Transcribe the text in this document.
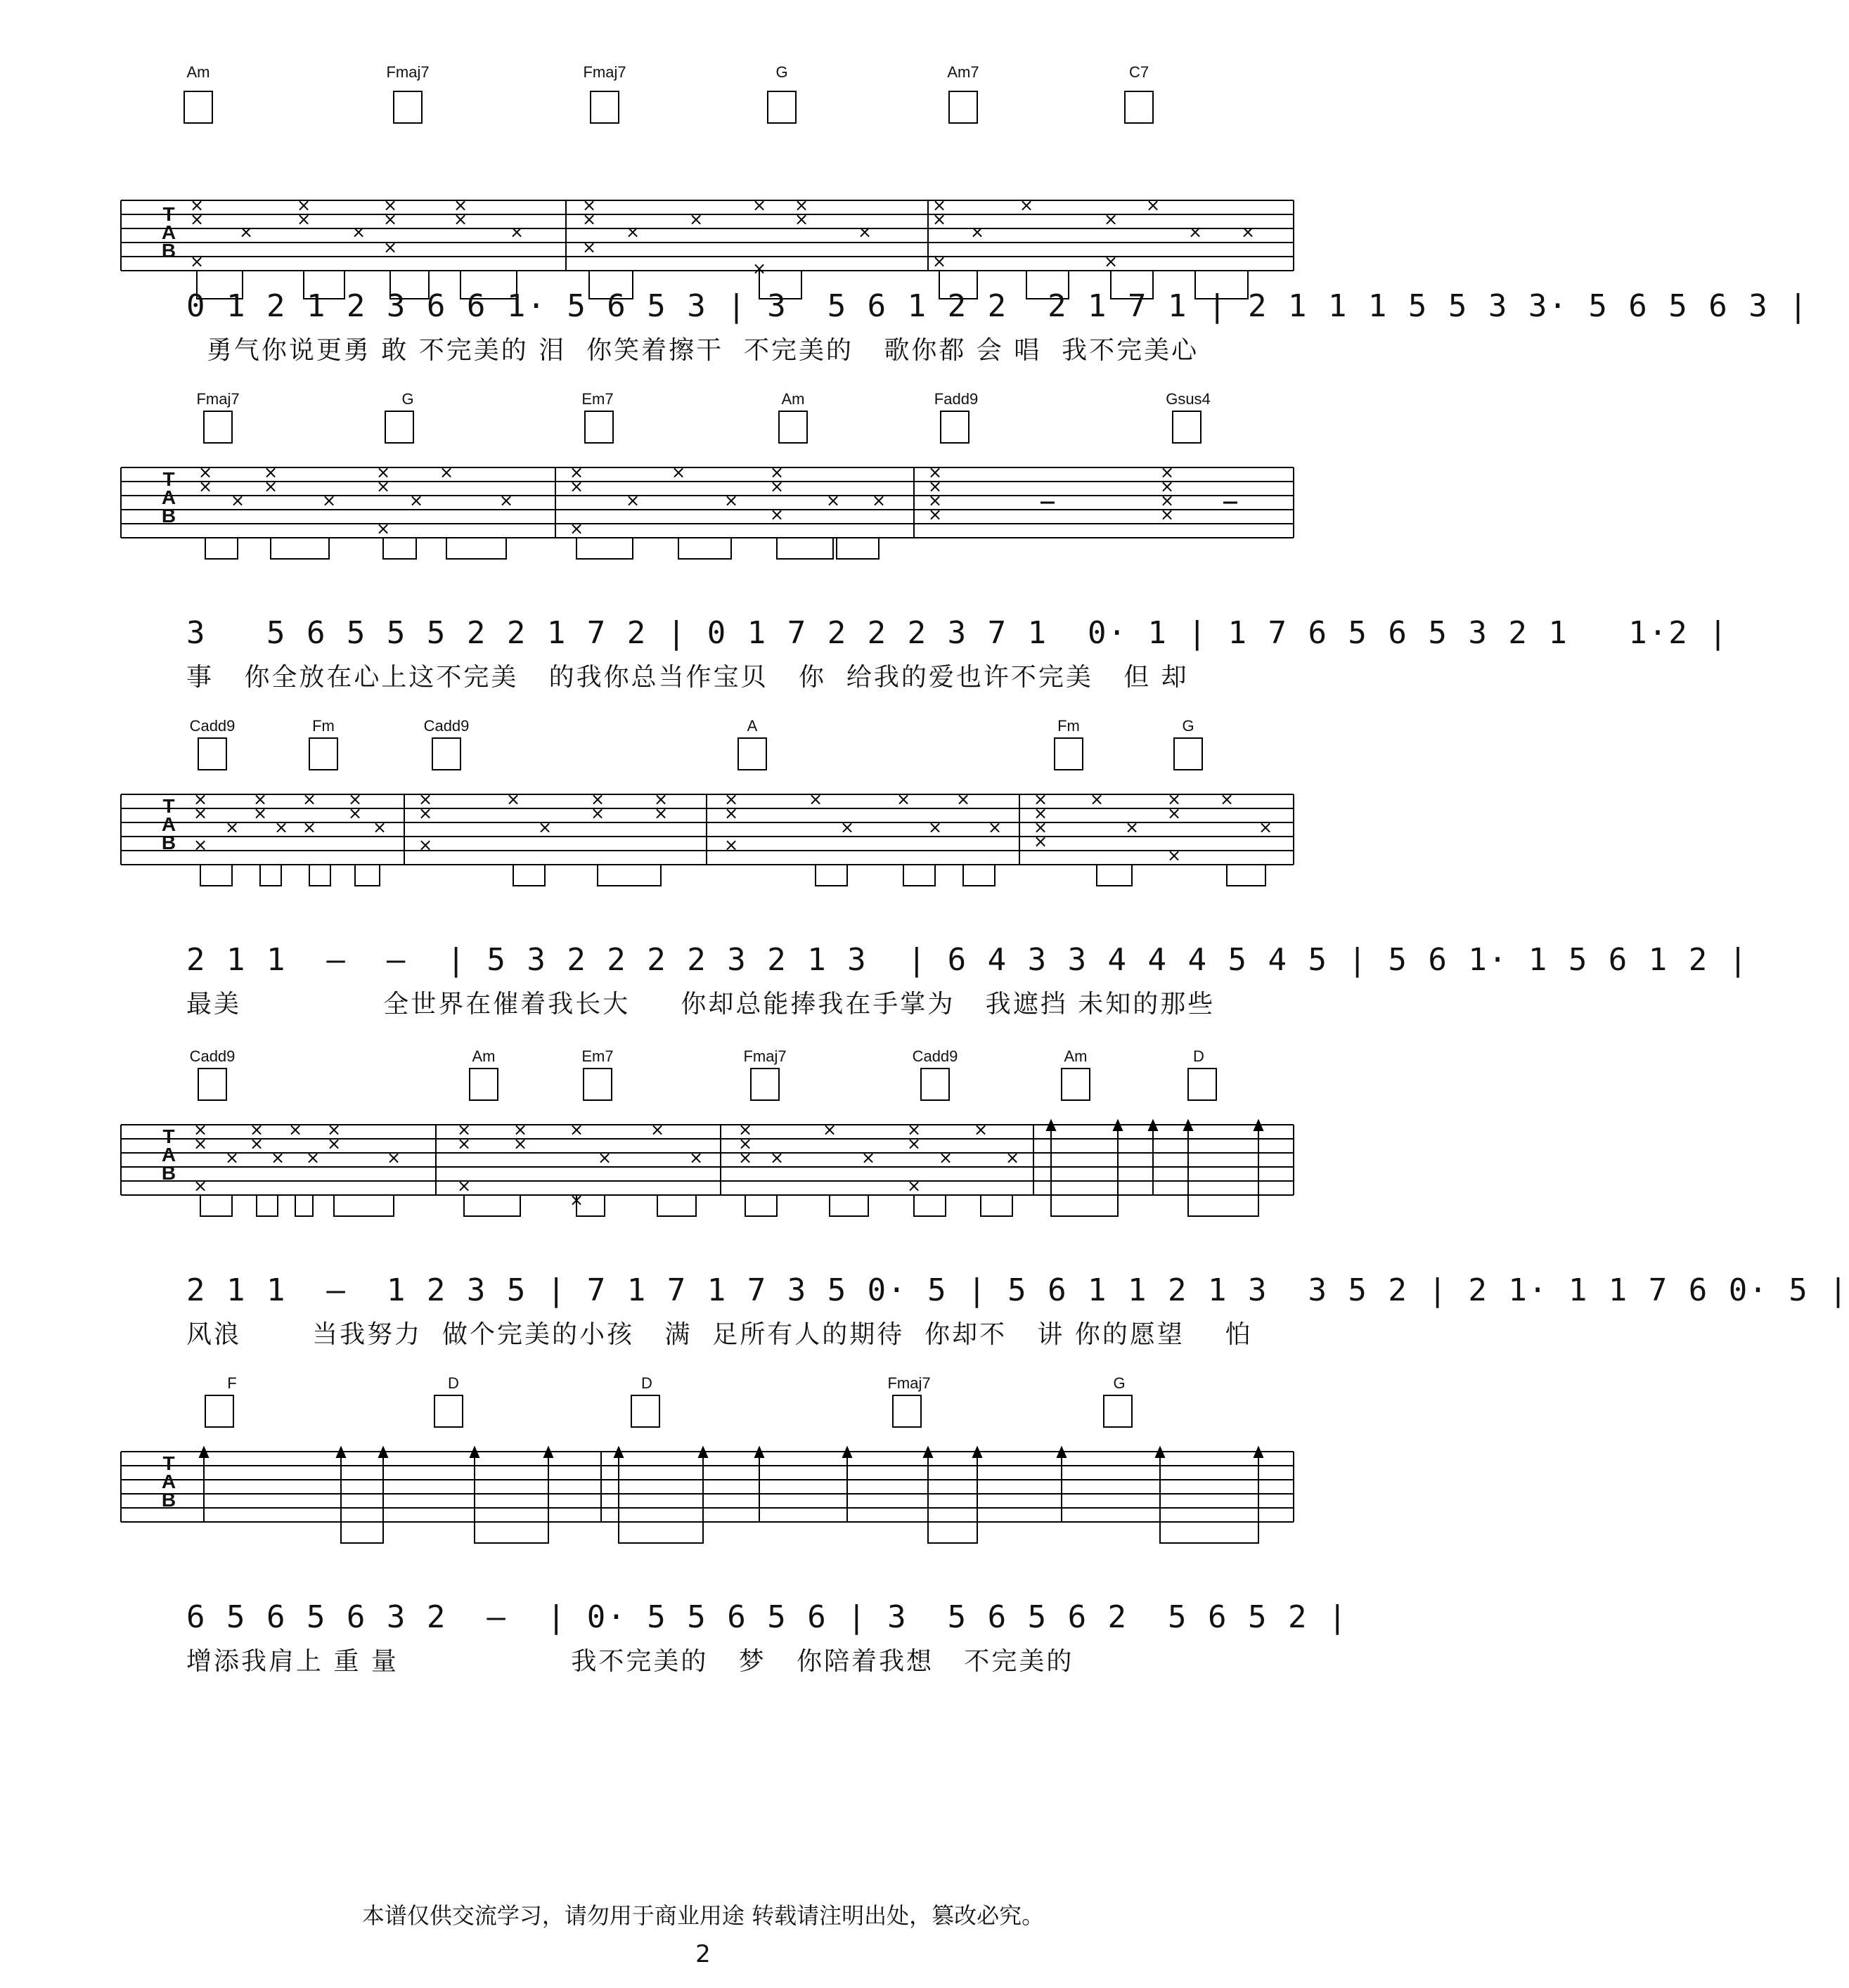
×
×
×
×
×
×
×
×
×
×
×
×
×
×
×
×
×
×
× ×
×
×
×
×
×
×
×
×
×
×
×
× ×
T
A
B
Am	Fmaj7	Fmaj7	G	Am7	C7
0 1 2 1 2 3 6 6 1· 5 6 5 3 | 3  5 6 1 2 2  2 1 7 1 | 2 1 1 1 5 5 3 3· 5 6 5 6 3 |
勇气你说更勇 敢 不完美的 泪  你笑着擦干  不完美的   歌你都 会 唱  我不完美心
×
×
×
×
×
×
×
×
×
×
×
×
×
×
×
×
×
×
×
×
×
×
×
×
×
×
×
×
×
×
×
T
A
B
Fmaj7	G	Em7	Am	Fadd9	Gsus4
3   5 6 5 5 5 2 2 1 7 2 | 0 1 7 2 2 2 3 7 1  0· 1 | 1 7 6 5 6 5 3 2 1   1·2 |
事   你全放在心上这不完美   的我你总当作宝贝   你  给我的爱也许不完美   但 却
×
×
×
×
×
×
×
×
×
×
×
×
×
×
×
×
×
×
×
×
×
×
×
×
×
×
×
×
×
×
×
×
×
×
×
×
×
×
×
×
×
T
A
B
Cadd9	Fm	Cadd9	A	Fm	G
2 1 1  —  —  | 5 3 2 2 2 2 3 2 1 3  | 6 4 3 3 4 4 4 5 4 5 | 5 6 1· 1 5 6 1 2 |
最美              全世界在催着我长大     你却总能捧我在手掌为   我遮挡 未知的那些
×
×
×
×
×
×
×
×
×
×
×
×
×
×
×
×
×
×
×
×
×
×
×
×
× ×
×
×
×
×
×
×
×
×
T
A
B
Cadd9	Am	Em7	Fmaj7	Cadd9	Am	D
2 1 1  —  1 2 3 5 | 7 1 7 1 7 3 5 0· 5 | 5 6 1 1 2 1 3  3 5 2 | 2 1· 1 1 7 6 0· 5 |
风浪       当我努力  做个完美的小孩   满  足所有人的期待  你却不   讲 你的愿望    怕
T
A
B
F	D	D	Fmaj7	G
6 5 6 5 6 3 2  —  | 0· 5 5 6 5 6 | 3  5 6 5 6 2  5 6 5 2 |
增添我肩上 重 量                 我不完美的   梦   你陪着我想   不完美的
本谱仅供交流学习，请勿用于商业用途 转载请注明出处，篡改必究。
2
